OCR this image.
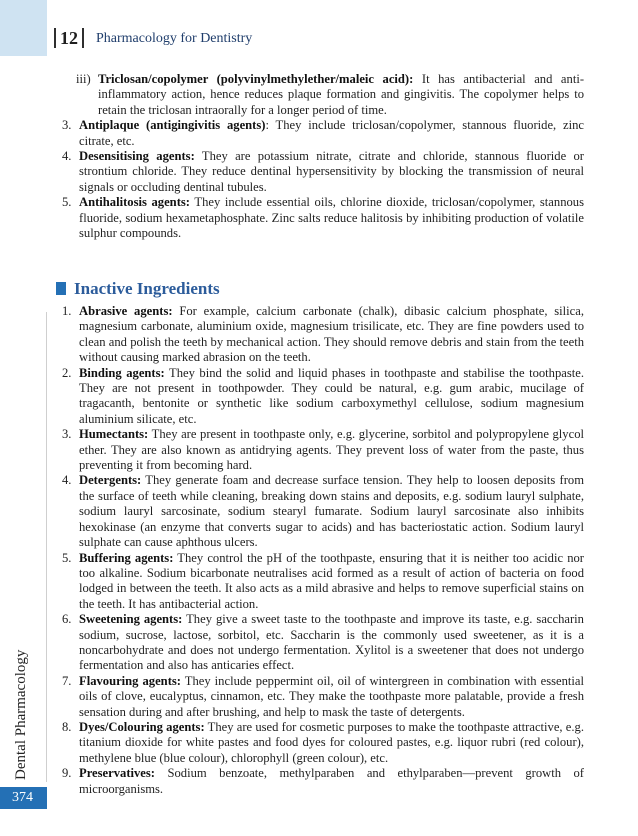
12	Pharmacology for Dentistry
Dental Pharmacology
374

iii) Triclosan/copolymer (polyvinylmethylether/maleic acid): It has antibacterial and anti-inflammatory action, hence reduces plaque formation and gingivitis. The copolymer helps to retain the triclosan intraorally for a longer period of time.

3. Antiplaque (antigingivitis agents): They include triclosan/copolymer, stannous fluoride, zinc citrate, etc.

4. Desensitising agents: They are potassium nitrate, citrate and chloride, stannous fluoride or strontium chloride. They reduce dentinal hypersensitivity by blocking the transmission of neural signals or occluding dentinal tubules.

5. Antihalitosis agents: They include essential oils, chlorine dioxide, triclosan/copolymer, stannous fluoride, sodium hexametaphosphate. Zinc salts reduce halitosis by inhibiting production of volatile sulphur compounds.

Inactive Ingredients

1. Abrasive agents: For example, calcium carbonate (chalk), dibasic calcium phosphate, silica, magnesium carbonate, aluminium oxide, magnesium trisilicate, etc. They are fine powders used to clean and polish the teeth by mechanical action. They should remove debris and stain from the teeth without causing marked abrasion on the teeth.

2. Binding agents: They bind the solid and liquid phases in toothpaste and stabilise the toothpaste. They are not present in toothpowder. They could be natural, e.g. gum arabic, mucilage of tragacanth, bentonite or synthetic like sodium carboxymethyl cellulose, sodium magnesium aluminium silicate, etc.

3. Humectants: They are present in toothpaste only, e.g. glycerine, sorbitol and polypropylene glycol ether. They are also known as antidrying agents. They prevent loss of water from the paste, thus preventing it from becoming hard.

4. Detergents: They generate foam and decrease surface tension. They help to loosen deposits from the surface of teeth while cleaning, breaking down stains and deposits, e.g. sodium lauryl sulphate, sodium lauryl sarcosinate, sodium stearyl fumarate. Sodium lauryl sarcosinate also inhibits hexokinase (an enzyme that converts sugar to acids) and has bacteriostatic action. Sodium lauryl sulphate can cause aphthous ulcers.

5. Buffering agents: They control the pH of the toothpaste, ensuring that it is neither too acidic nor too alkaline. Sodium bicarbonate neutralises acid formed as a result of action of bacteria on food lodged in between the teeth. It also acts as a mild abrasive and helps to remove superficial stains on the teeth. It has antibacterial action.

6. Sweetening agents: They give a sweet taste to the toothpaste and improve its taste, e.g. saccharin sodium, sucrose, lactose, sorbitol, etc. Saccharin is the commonly used sweetener, as it is a noncarbohydrate and does not undergo fermentation. Xylitol is a sweetener that does not undergo fermentation and also has anticaries effect.

7. Flavouring agents: They include peppermint oil, oil of wintergreen in combination with essential oils of clove, eucalyptus, cinnamon, etc. They make the toothpaste more palatable, provide a fresh sensation during and after brushing, and help to mask the taste of detergents.

8. Dyes/Colouring agents: They are used for cosmetic purposes to make the toothpaste attractive, e.g. titanium dioxide for white pastes and food dyes for coloured pastes, e.g. liquor rubri (red colour), methylene blue (blue colour), chlorophyll (green colour), etc.

9. Preservatives: Sodium benzoate, methylparaben and ethylparaben—prevent growth of microorganisms.
